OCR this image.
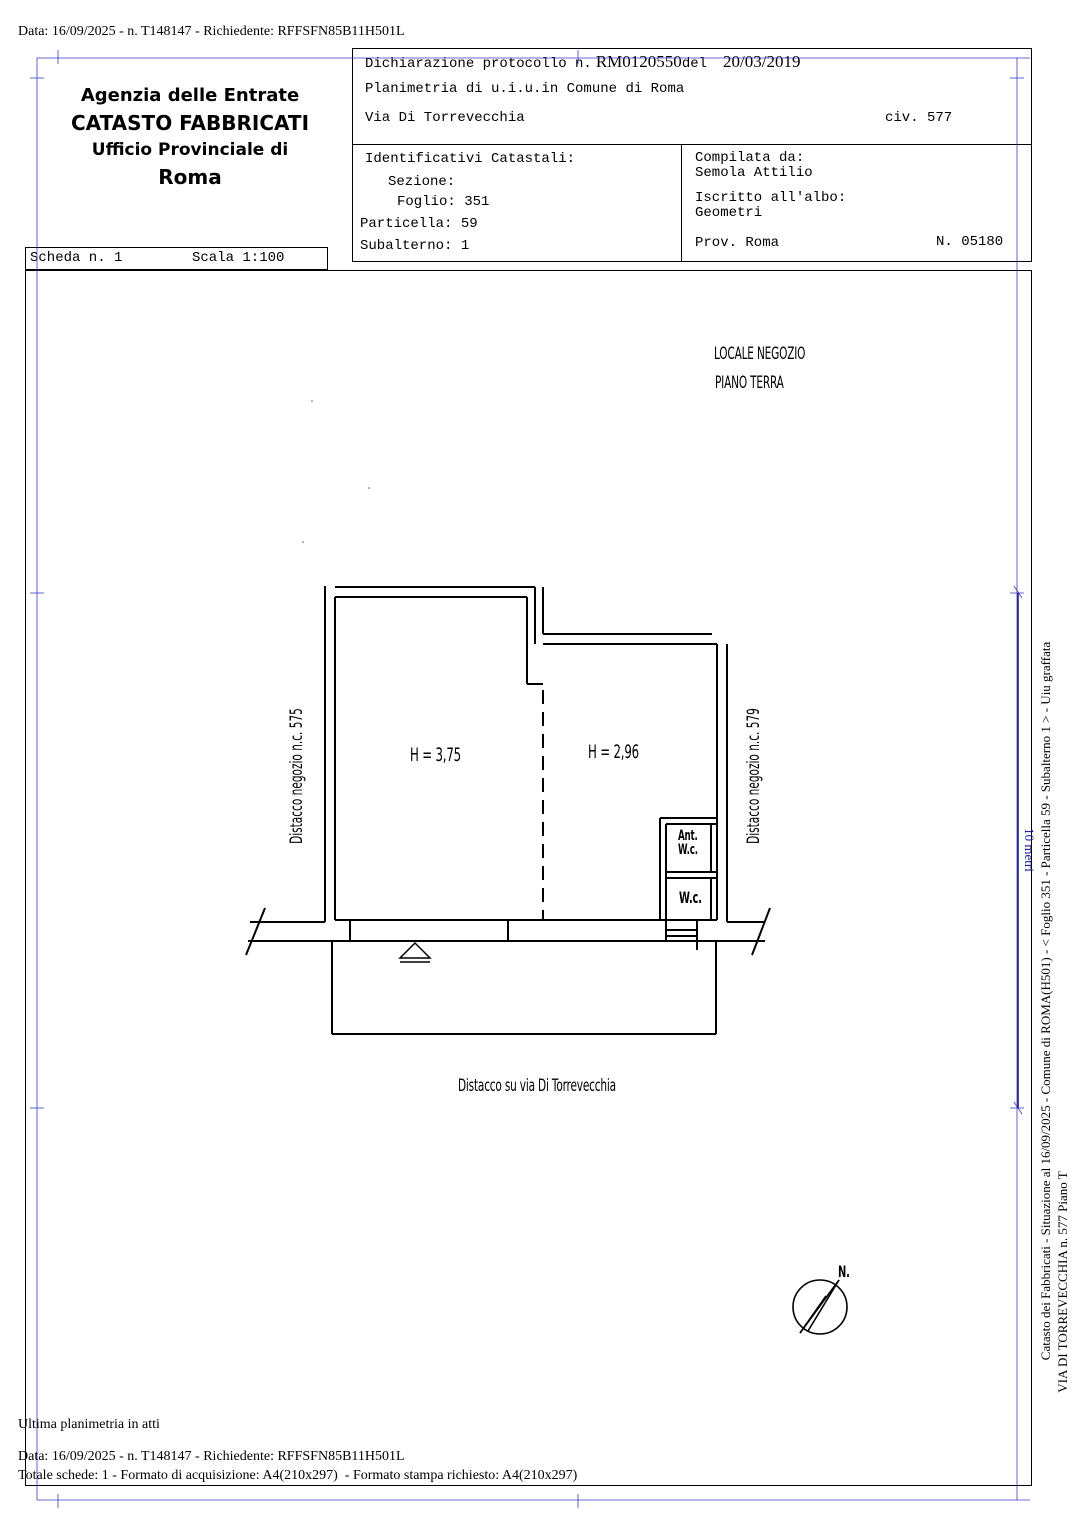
Data: 16/09/2025 - n. T148147 - Richiedente: RFFSFN85B11H501L
Agenzia delle Entrate
CATASTO FABBRICATI
Ufficio Provinciale di
Roma
Scheda n. 1	Scala 1:100
Dichiarazione protocollo n. RM0120550del 20/03/2019
Planimetria di u.i.u.in Comune di Roma
Via Di Torrevecchia	civ. 577
Identificativi Catastali:
Sezione:
Foglio: 351
Particella: 59
Subalterno: 1
Compilata da:
Semola Attilio
Iscritto all'albo:
Geometri
Prov. Roma	N. 05180
LOCALE NEGOZIO
PIANO TERRA
H = 3,75	H = 2,96
Ant.
W.c.
W.c.
Distacco su via Di Torrevecchia
N.
Distacco negozio n.c. 575	Distacco negozio n.c. 579
10 metri Catasto dei Fabbricati - Situazione al 16/09/2025 - Comune di ROMA(H501) - < Foglio 351 - Particella 59 - Subalterno 1 > - Uiu graffata VIA DI TORREVECCHIA n. 577 Piano T
Ultima planimetria in atti
Data: 16/09/2025 - n. T148147 - Richiedente: RFFSFN85B11H501L
Totale schede: 1 - Formato di acquisizione: A4(210x297)  - Formato stampa richiesto: A4(210x297)
